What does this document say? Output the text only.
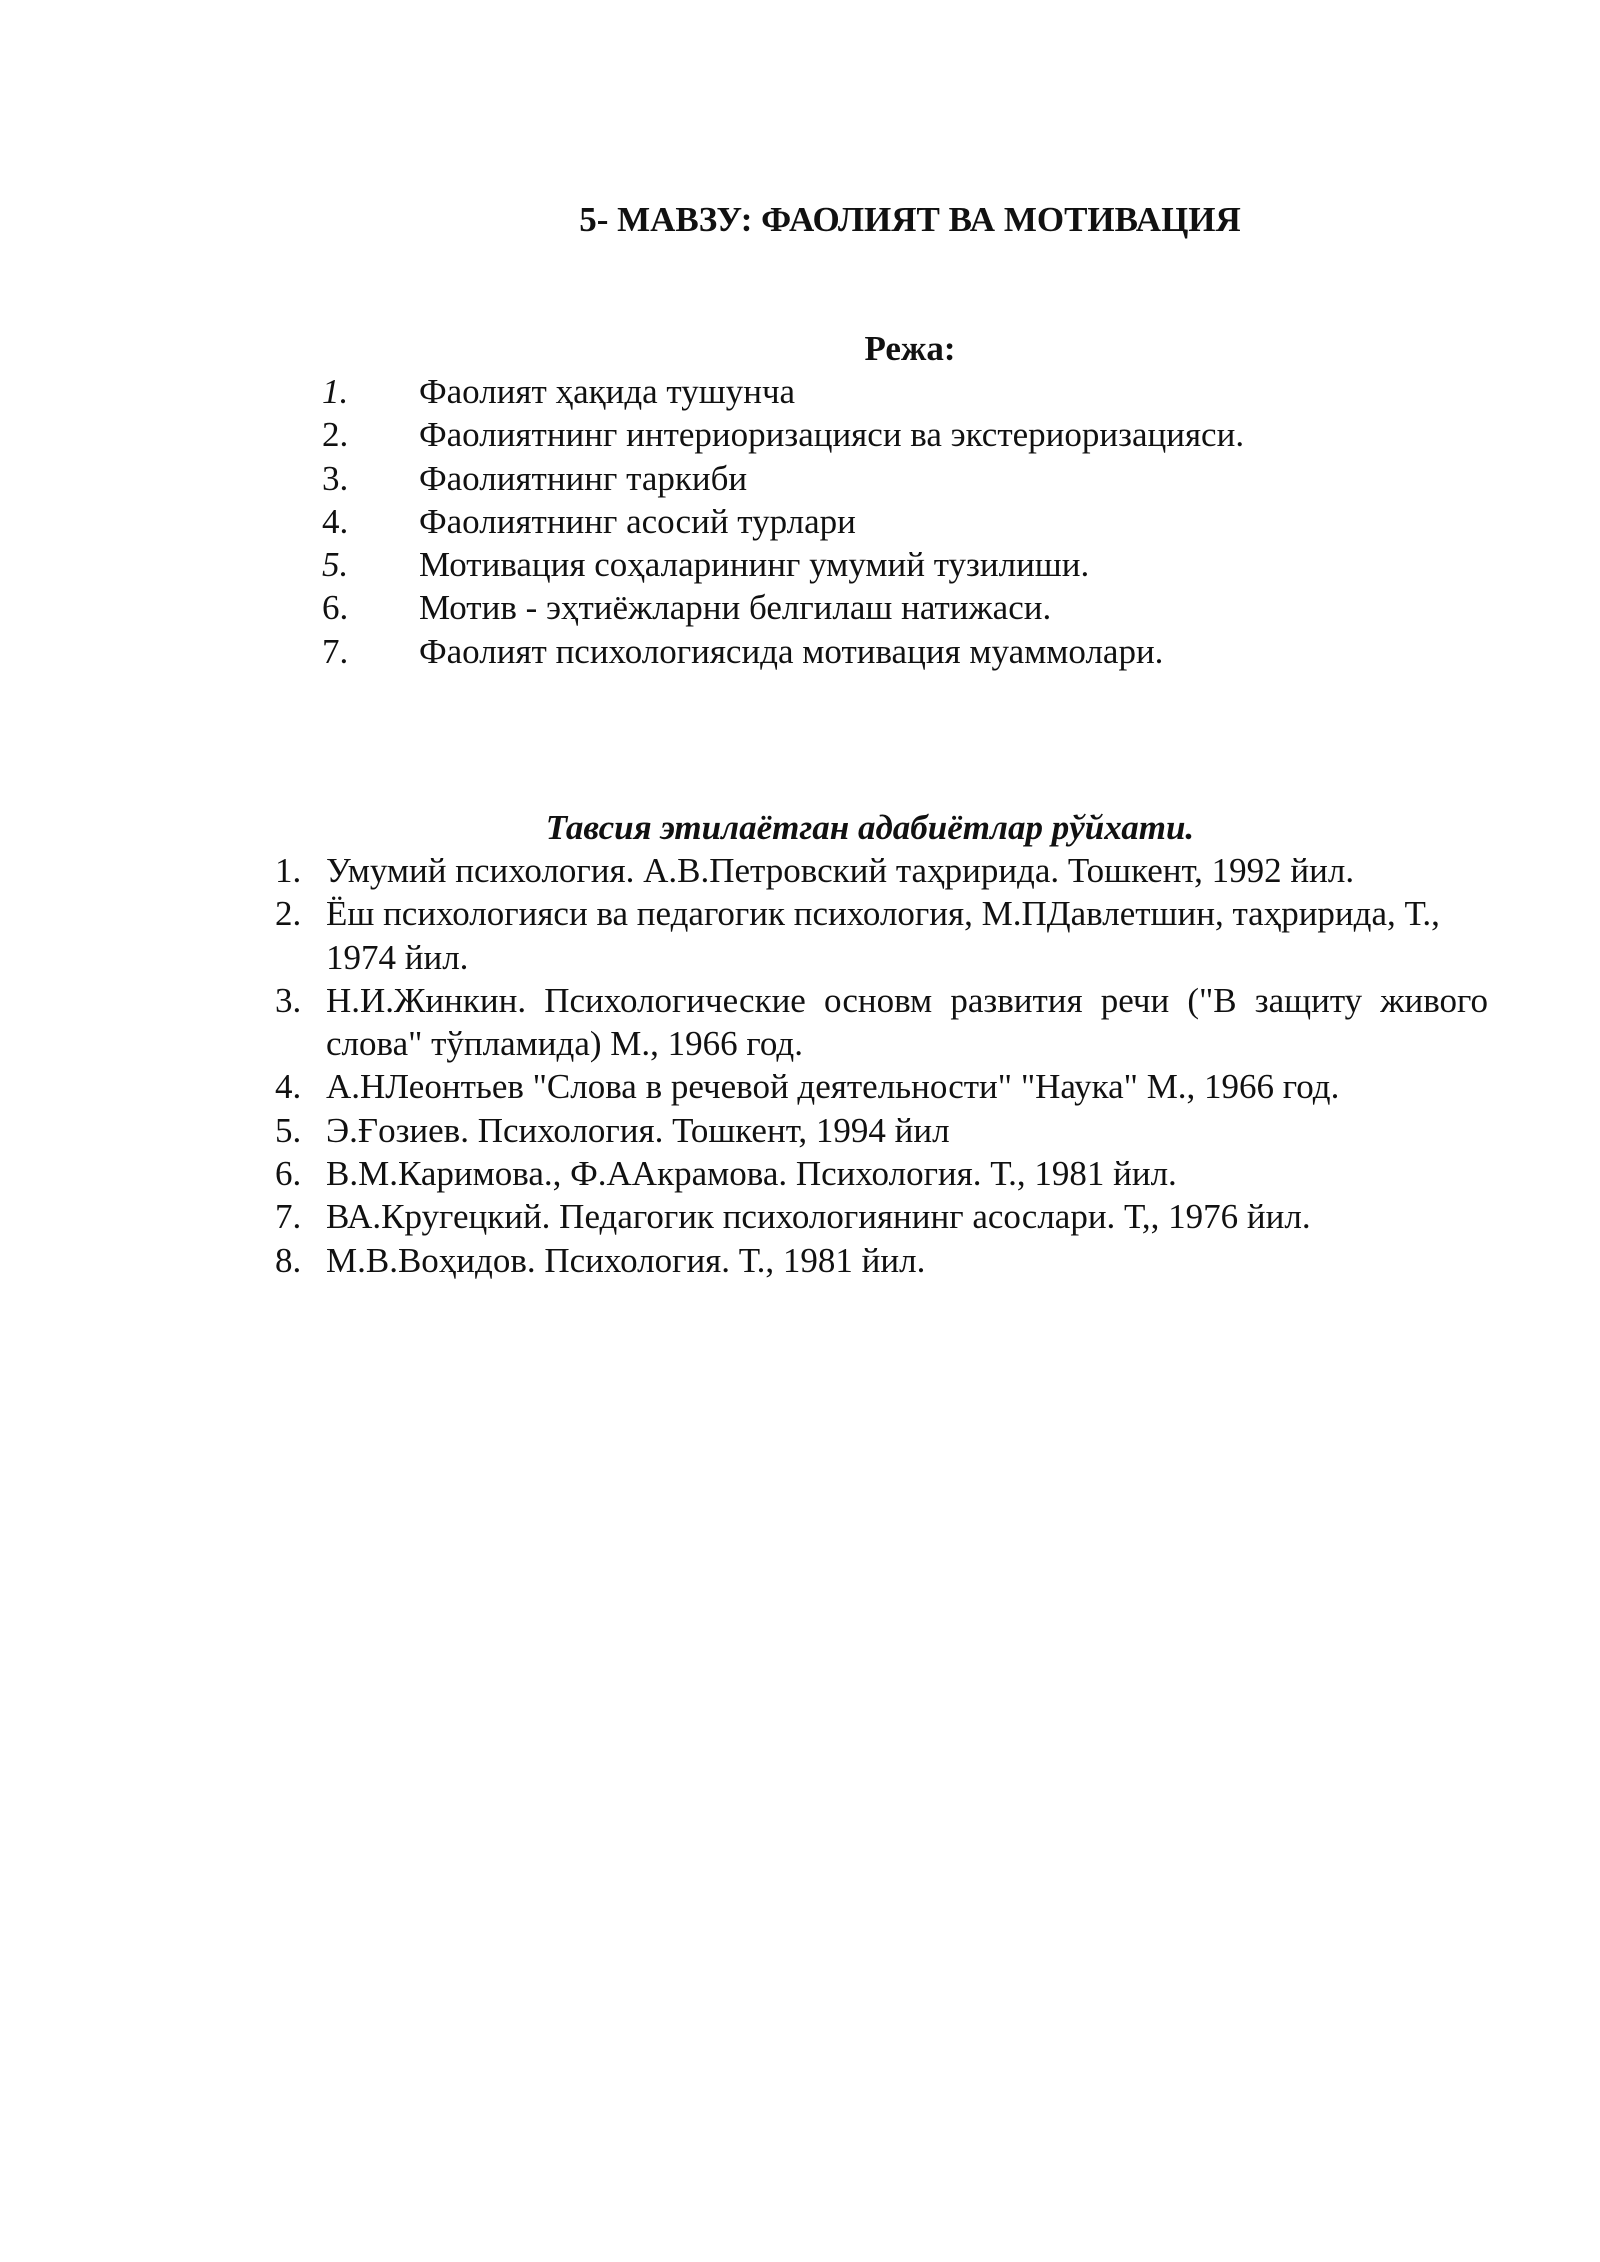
5- МАВЗУ: ФАОЛИЯТ ВА МОТИВАЦИЯ
Режа:
1. Фаолият ҳақида тушунча
2. Фаолиятнинг интериоризацияси ва экстериоризацияси.
3. Фаолиятнинг таркиби
4. Фаолиятнинг асосий турлари
5. Мотивация соҳаларининг умумий тузилиши.
6. Мотив - эҳтиёжларни белгилаш натижаси.
7. Фаолият психологиясида мотивация муаммолари.
Тавсия этилаётган адабиётлар рўйхати.
1. Умумий психология. А.В.Петровский таҳририда. Тошкент, 1992 йил.
2. Ёш психологияси ва педагогик психология, М.ПДавлетшин, таҳририда, Т., 1974 йил.
3. Н.И.Жинкин. Психологические основм развития речи ("В защиту живого слова" тўпламида) М., 1966 год.
4. А.НЛеонтьев "Слова в речевой деятельности" "Наука" М., 1966 год.
5. Э.Ғозиев. Психология. Тошкент, 1994 йил
6. В.М.Каримова., Ф.ААкрамова. Психология. Т., 1981 йил.
7. ВА.Кругецкий. Педагогик психологиянинг асослари. Т,, 1976 йил.
8. М.В.Воҳидов. Психология. Т., 1981 йил.
